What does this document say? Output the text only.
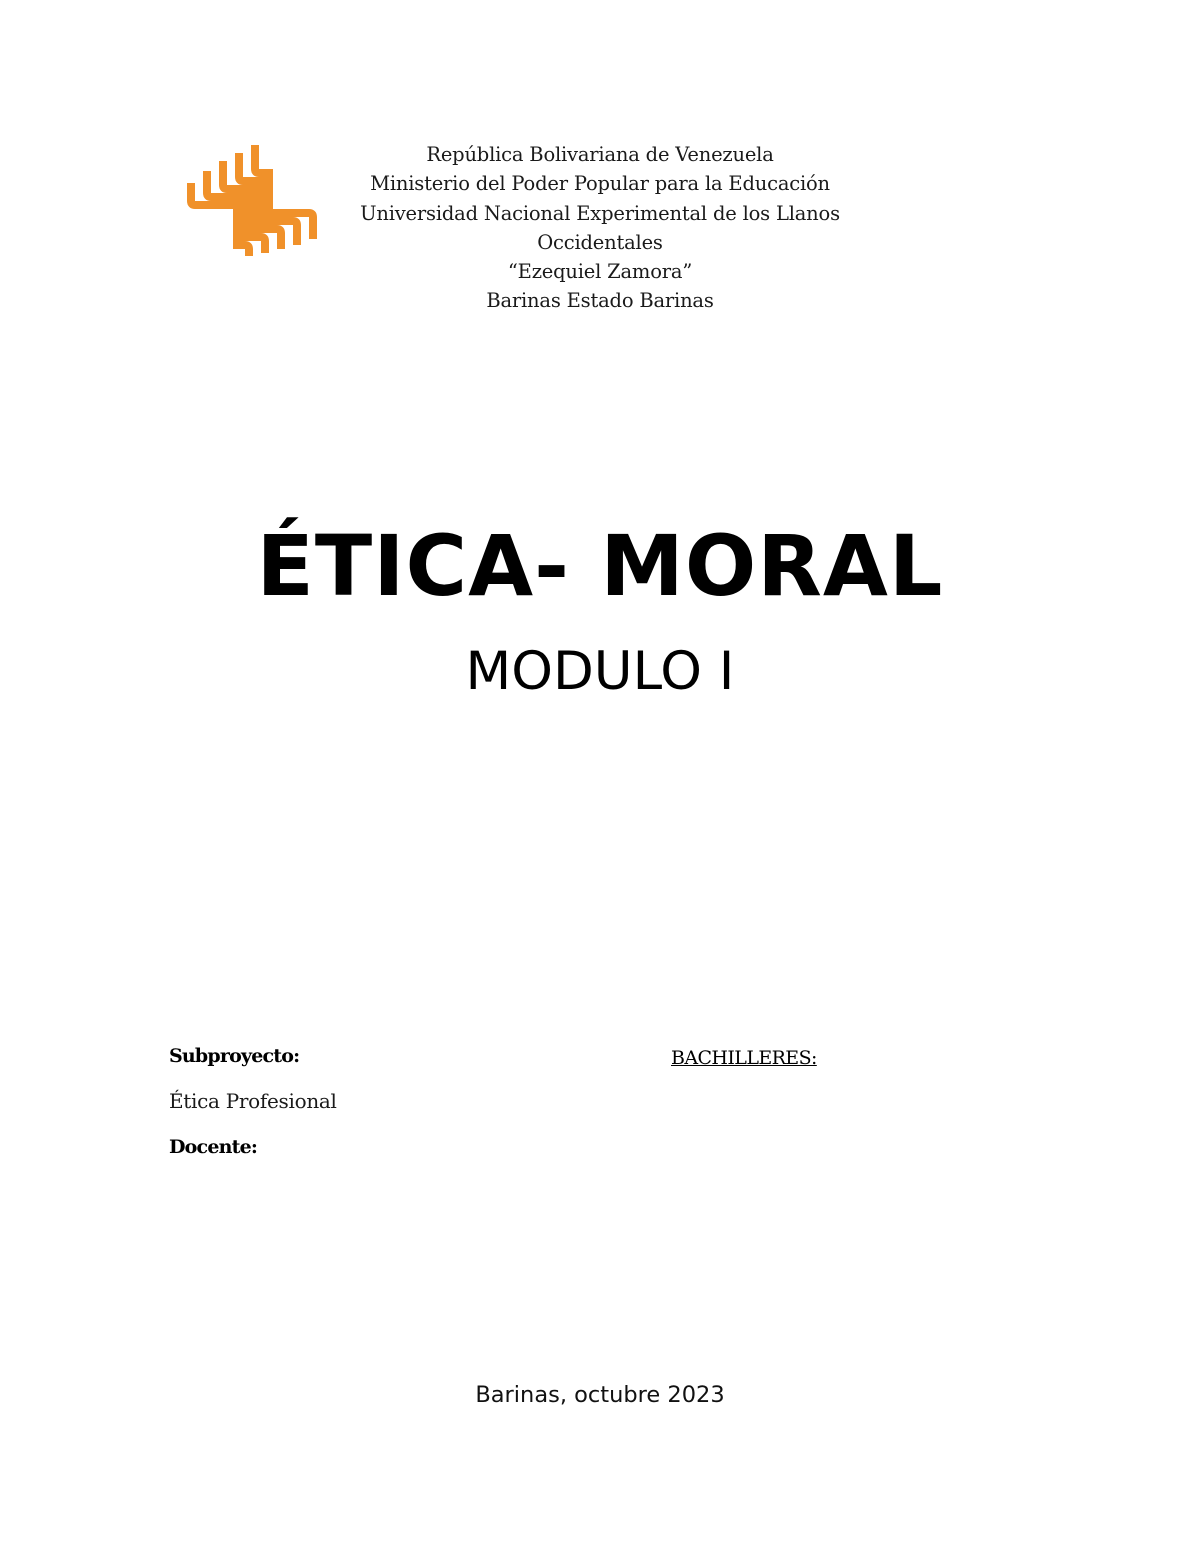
República Bolivariana de Venezuela
Ministerio del Poder Popular para la Educación
Universidad Nacional Experimental de los Llanos
Occidentales
“Ezequiel Zamora”
Barinas Estado Barinas
ÉTICA- MORAL
MODULO I
Subproyecto:
Ética Profesional
Docente:
BACHILLERES:
Barinas, octubre 2023
